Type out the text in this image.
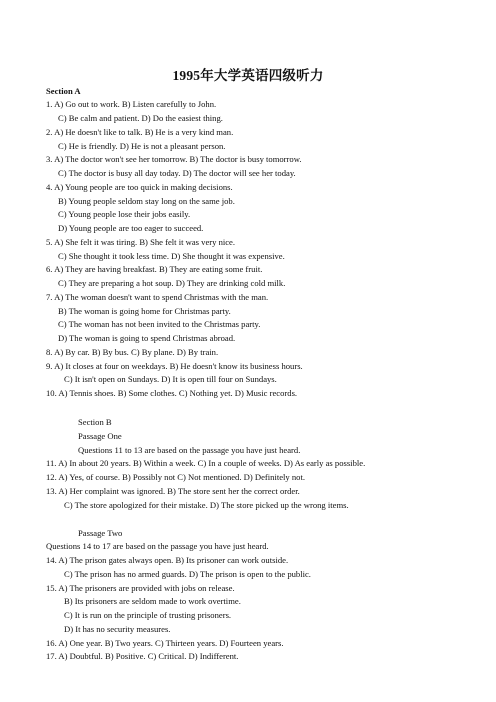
1995年大学英语四级听力
Section A
1. A) Go out to work. B) Listen carefully to John.
C) Be calm and patient. D) Do the easiest thing.
2. A) He doesn't like to talk. B) He is a very kind man.
C) He is friendly. D) He is not a pleasant person.
3. A) The doctor won't see her tomorrow. B) The doctor is busy tomorrow.
C) The doctor is busy all day today. D) The doctor will see her today.
4. A) Young people are too quick in making decisions.
B) Young people seldom stay long on the same job.
C) Young people lose their jobs easily.
D) Young people are too eager to succeed.
5. A) She felt it was tiring. B) She felt it was very nice.
C) She thought it took less time. D) She thought it was expensive.
6. A) They are having breakfast. B) They are eating some fruit.
C) They are preparing a hot soup. D) They are drinking cold milk.
7. A) The woman doesn't want to spend Christmas with the man.
B) The woman is going home for Christmas party.
C) The woman has not been invited to the Christmas party.
D) The woman is going to spend Christmas abroad.
8. A) By car. B) By bus. C) By plane. D) By train.
9. A) It closes at four on weekdays. B) He doesn't know its business hours.
C) It isn't open on Sundays. D) It is open till four on Sundays.
10. A) Tennis shoes. B) Some clothes. C) Nothing yet. D) Music records.
Section B
Passage One
Questions 11 to 13 are based on the passage you have just heard.
11. A) In about 20 years. B) Within a week. C) In a couple of weeks. D) As early as possible.
12. A) Yes, of course. B) Possibly not C) Not mentioned. D) Definitely not.
13. A) Her complaint was ignored. B) The store sent her the correct order.
C) The store apologized for their mistake. D) The store picked up the wrong items.
Passage Two
Questions 14 to 17 are based on the passage you have just heard.
14. A) The prison gates always open. B) Its prisoner can work outside.
C) The prison has no armed guards. D) The prison is open to the public.
15. A) The prisoners are provided with jobs on release.
B) Its prisoners are seldom made to work overtime.
C) It is run on the principle of trusting prisoners.
D) It has no security measures.
16. A) One year. B) Two years. C) Thirteen years. D) Fourteen years.
17. A) Doubtful. B) Positive. C) Critical. D) Indifferent.
